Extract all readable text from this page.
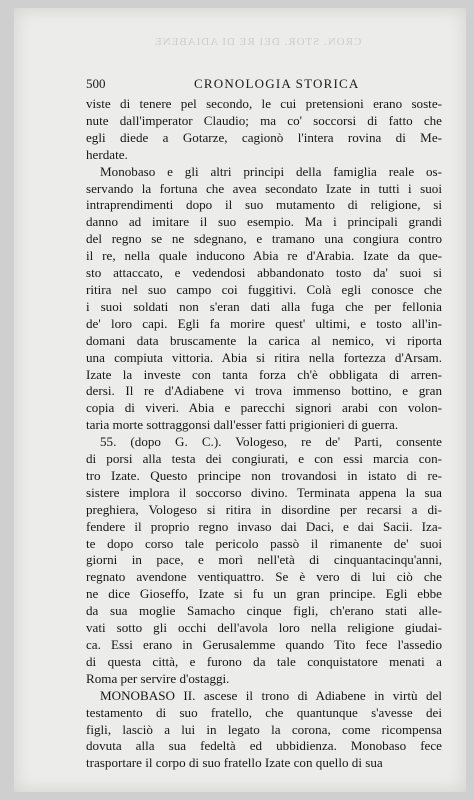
CRON. STOR. DEI RE DI ADIABENE
500	CRONOLOGIA STORICA
viste di tenere pel secondo, le cui pretensioni erano soste-
nute dall'imperator Claudio; ma co' soccorsi di fatto che
egli diede a Gotarze, cagionò l'intera rovina di Me-
herdate.
Monobaso e gli altri principi della famiglia reale os-
servando la fortuna che avea secondato Izate in tutti i suoi
intraprendimenti dopo il suo mutamento di religione, si
danno ad imitare il suo esempio. Ma i principali grandi
del regno se ne sdegnano, e tramano una congiura contro
il re, nella quale inducono Abia re d'Arabia. Izate da que-
sto attaccato, e vedendosi abbandonato tosto da' suoi si
ritira nel suo campo coi fuggitivi. Colà egli conosce che
i suoi soldati non s'eran dati alla fuga che per fellonia
de' loro capi. Egli fa morire quest' ultimi, e tosto all'in-
domani data bruscamente la carica al nemico, vi riporta
una compiuta vittoria. Abia si ritira nella fortezza d'Arsam.
Izate la investe con tanta forza ch'è obbligata di arren-
dersi. Il re d'Adiabene vi trova immenso bottino, e gran
copia di viveri. Abia e parecchi signori arabi con volon-
taria morte sottraggonsi dall'esser fatti prigionieri di guerra.
55. (dopo G. C.). Vologeso, re de' Parti, consente
di porsi alla testa dei congiurati, e con essi marcia con-
tro Izate. Questo principe non trovandosi in istato di re-
sistere implora il soccorso divino. Terminata appena la sua
preghiera, Vologeso si ritira in disordine per recarsi a di-
fendere il proprio regno invaso dai Daci, e dai Sacii. Iza-
te dopo corso tale pericolo passò il rimanente de' suoi
giorni in pace, e morì nell'età di cinquantacinqu'anni,
regnato avendone ventiquattro. Se è vero di lui ciò che
ne dice Gioseffo, Izate si fu un gran principe. Egli ebbe
da sua moglie Samacho cinque figli, ch'erano stati alle-
vati sotto gli occhi dell'avola loro nella religione giudai-
ca. Essi erano in Gerusalemme quando Tito fece l'assedio
di questa città, e furono da tale conquistatore menati a
Roma per servire d'ostaggi.
MONOBASO II. ascese il trono di Adiabene in virtù del
testamento di suo fratello, che quantunque s'avesse dei
figli, lasciò a lui in legato la corona, come ricompensa
dovuta alla sua fedeltà ed ubbidienza. Monobaso fece
trasportare il corpo di suo fratello Izate con quello di sua
